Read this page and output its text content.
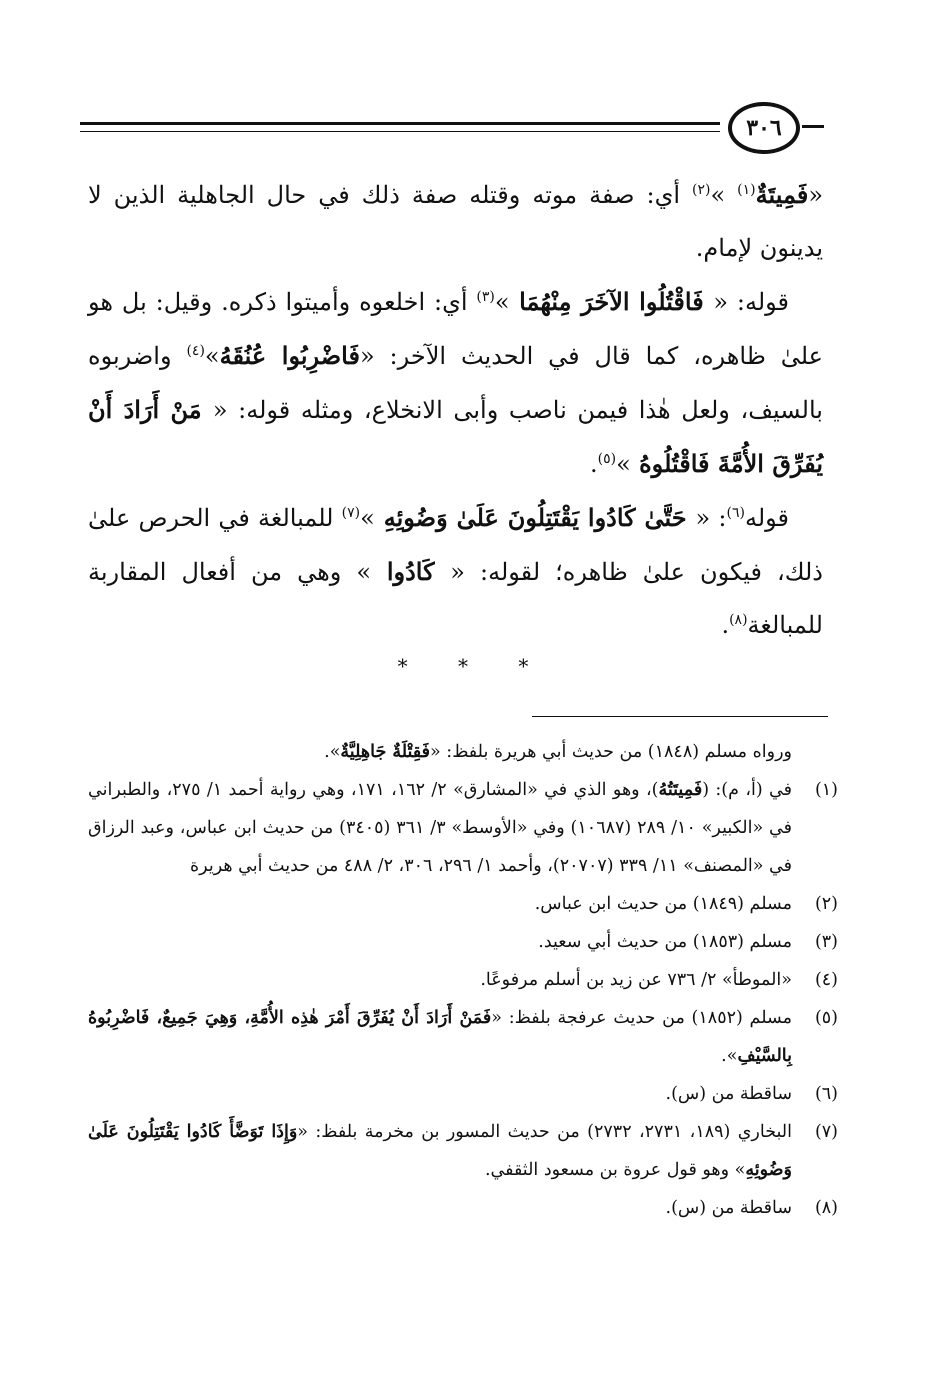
٣٠٦

«فَمِيتَةٌ$^{(١)}$ »$^{(٢)}$ أي: صفة موته وقتله صفة ذلك في حال الجاهلية الذين لا يدينون لإمام.

قوله: « فَاقْتُلُوا الآخَرَ مِنْهُمَا »$^{(٣)}$ أي: اخلعوه وأميتوا ذكره. وقيل: بل هو علىٰ ظاهره، كما قال في الحديث الآخر: «فَاضْرِبُوا عُنُقَهُ»$^{(٤)}$ واضربوه بالسيف، ولعل هٰذا فيمن ناصب وأبى الانخلاع، ومثله قوله: « مَنْ أَرَادَ أَنْ يُفَرِّقَ الأُمَّةَ فَاقْتُلُوهُ »$^{(٥)}$.

قوله$^{(٦)}$: « حَتَّىٰ كَادُوا يَقْتَتِلُونَ عَلَىٰ وَضُوئِهِ »$^{(٧)}$ للمبالغة في الحرص علىٰ ذلك، فيكون علىٰ ظاهره؛ لقوله: « كَادُوا » وهي من أفعال المقاربة للمبالغة$^{(٨)}$.

* * *

ورواه مسلم (١٨٤٨) من حديث أبي هريرة بلفظ: «فَقِتْلَةٌ جَاهِلِيَّةٌ».

(١)
في (أ، م): (فَمِيتَتُهُ)، وهو الذي في «المشارق» ٢/ ١٦٢، ١٧١، وهي رواية أحمد ١/ ٢٧٥، والطبراني في «الكبير» ١٠/ ٢٨٩ (١٠٦٨٧) وفي «الأوسط» ٣/ ٣٦١ (٣٤٠٥) من حديث ابن عباس، وعبد الرزاق في «المصنف» ١١/ ٣٣٩ (٢٠٧٠٧)، وأحمد ١/ ٢٩٦، ٣٠٦، ٢/ ٤٨٨ من حديث أبي هريرة

(٢)
مسلم (١٨٤٩) من حديث ابن عباس.

(٣)
مسلم (١٨٥٣) من حديث أبي سعيد.

(٤)
«الموطأ» ٢/ ٧٣٦ عن زيد بن أسلم مرفوعًا.

(٥)
مسلم (١٨٥٢) من حديث عرفجة بلفظ: «فَمَنْ أَرَادَ أَنْ يُفَرِّقَ أَمْرَ هٰذِه الأُمَّةِ، وَهِيَ جَمِيعٌ، فَاضْرِبُوهُ بِالسَّيْفِ».

(٦)
ساقطة من (س).

(٧)
البخاري (١٨٩، ٢٧٣١، ٢٧٣٢) من حديث المسور بن مخرمة بلفظ: «وَإِذَا تَوَضَّأَ كَادُوا يَقْتَتِلُونَ عَلَىٰ وَضُوئِهِ» وهو قول عروة بن مسعود الثقفي.

(٨)
ساقطة من (س).
